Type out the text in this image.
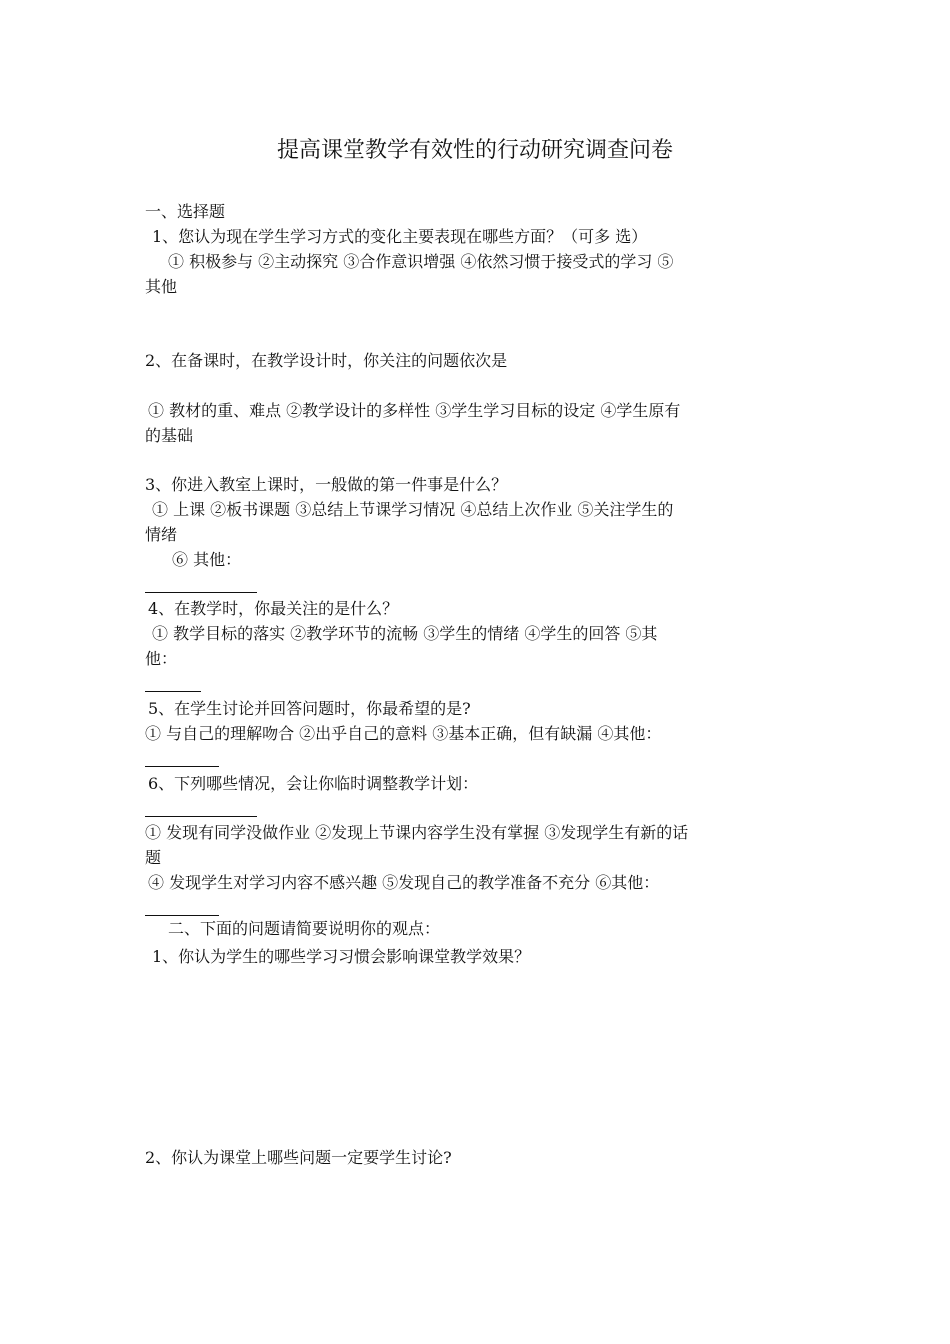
提高课堂教学有效性的行动研究调查问卷
一、选择题
1、您认为现在学生学习方式的变化主要表现在哪些方面？（可多 选）
① 积极参与 ②主动探究 ③合作意识增强 ④依然习惯于接受式的学习 ⑤
其他
2、在备课时，在教学设计时，你关注的问题依次是
① 教材的重、难点 ②教学设计的多样性 ③学生学习目标的设定 ④学生原有
的基础
3、你进入教室上课时，一般做的第一件事是什么？
① 上课 ②板书课题 ③总结上节课学习情况 ④总结上次作业 ⑤关注学生的
情绪
⑥ 其他：
4、在教学时，你最关注的是什么？
① 教学目标的落实 ②教学环节的流畅 ③学生的情绪 ④学生的回答 ⑤其
他：
5、在学生讨论并回答问题时，你最希望的是?
① 与自己的理解吻合 ②出乎自己的意料 ③基本正确，但有缺漏 ④其他：
6、下列哪些情况，会让你临时调整教学计划：
① 发现有同学没做作业 ②发现上节课内容学生没有掌握 ③发现学生有新的话
题
④ 发现学生对学习内容不感兴趣 ⑤发现自己的教学准备不充分 ⑥其他：
二、下面的问题请简要说明你的观点：
1、你认为学生的哪些学习习惯会影响课堂教学效果？
2、你认为课堂上哪些问题一定要学生讨论?
